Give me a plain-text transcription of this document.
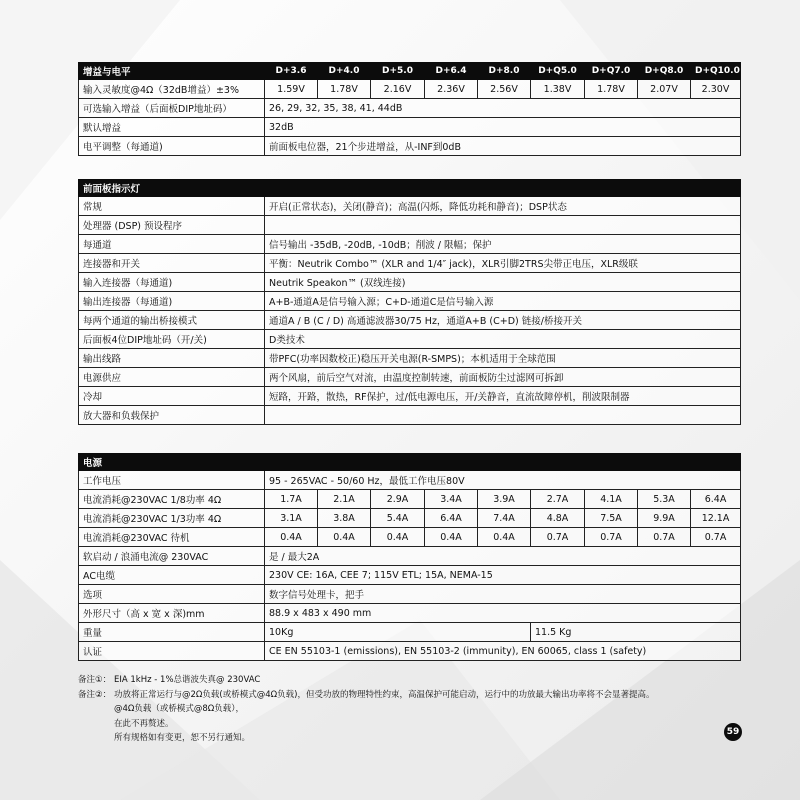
增益与电平	D+3.6	D+4.0	D+5.0	D+6.4	D+8.0	D+Q5.0	D+Q7.0	D+Q8.0	D+Q10.0
输入灵敏度@4Ω（32dB增益）±3%	1.59V	1.78V	2.16V	2.36V	2.56V	1.38V	1.78V	2.07V	2.30V
可选输入增益（后面板DIP地址码）	26, 29, 32, 35, 38, 41, 44dB								
默认增益	32dB								
电平调整（每通道)	前面板电位器，21个步进增益，从-INF到0dB								
前面板指示灯	
常规	开启(正常状态)，关闭(静音)；高温(闪烁，降低功耗和静音)；DSP状态
处理器 (DSP) 预设程序	
每通道	信号输出 -35dB, -20dB, -10dB；削波 / 限幅；保护
连接器和开关	平衡：Neutrik Combo™ (XLR and 1/4″ jack)，XLR引脚2TRS尖带正电压，XLR级联
输入连接器（每通道)	Neutrik Speakon™ (双线连接)
输出连接器（每通道)	A+B-通道A是信号输入源；C+D-通道C是信号输入源
每两个通道的输出桥接模式	通道A / B (C / D) 高通滤波器30/75 Hz，通道A+B (C+D) 链接/桥接开关
后面板4位DIP地址码（开/关)	D类技术
输出线路	带PFC(功率因数校正)稳压开关电源(R-SMPS)；本机适用于全球范围
电源供应	两个风扇，前后空气对流，由温度控制转速，前面板防尘过滤网可拆卸
冷却	短路，开路，散热，RF保护，过/低电源电压，开/关静音，直流故障停机，削波限制器
放大器和负载保护	
电源									
工作电压	95 - 265VAC - 50/60 Hz，最低工作电压80V								
电流消耗@230VAC 1/8功率 4Ω	1.7A	2.1A	2.9A	3.4A	3.9A	2.7A	4.1A	5.3A	6.4A
电流消耗@230VAC 1/3功率 4Ω	3.1A	3.8A	5.4A	6.4A	7.4A	4.8A	7.5A	9.9A	12.1A
电流消耗@230VAC 待机	0.4A	0.4A	0.4A	0.4A	0.4A	0.7A	0.7A	0.7A	0.7A
软启动 / 浪涌电流@ 230VAC	是 / 最大2A								
AC电缆	230V CE: 16A, CEE 7; 115V ETL; 15A, NEMA-15								
选项	数字信号处理卡，把手								
外形尺寸（高 x 宽 x 深)mm	88.9 x 483 x 490 mm								
重量	10Kg					11.5 Kg			
认证	CE EN 55103-1 (emissions), EN 55103-2 (immunity), EN 60065, class 1 (safety)								
备注①： EIA 1kHz - 1%总谐波失真@ 230VAC
备注②： 功放将正常运行与@2Ω负载(或桥模式@4Ω负载)，但受功放的物理特性约束，高温保护可能启动，运行中的功放最大输出功率将不会显著提高。
@4Ω负载（或桥模式@8Ω负载），
在此不再赘述。
所有规格如有变更，恕不另行通知。
59
